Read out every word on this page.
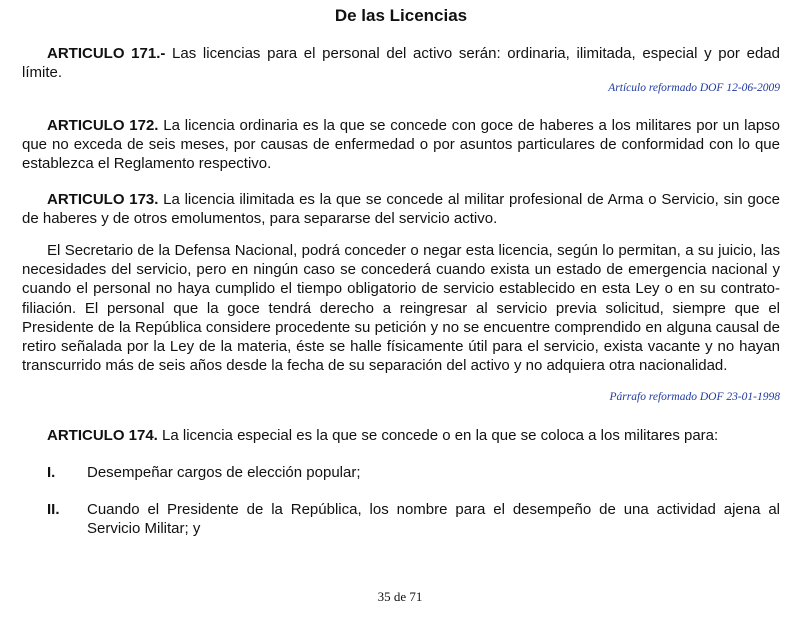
De las Licencias

ARTICULO 171.- Las licencias para el personal del activo serán: ordinaria, ilimitada, especial y por edad límite.

Artículo reformado DOF 12-06-2009

ARTICULO 172. La licencia ordinaria es la que se concede con goce de haberes a los militares por un lapso que no exceda de seis meses, por causas de enfermedad o por asuntos particulares de conformidad con lo que establezca el Reglamento respectivo.

ARTICULO 173. La licencia ilimitada es la que se concede al militar profesional de Arma o Servicio, sin goce de haberes y de otros emolumentos, para separarse del servicio activo.

El Secretario de la Defensa Nacional, podrá conceder o negar esta licencia, según lo permitan, a su juicio, las necesidades del servicio, pero en ningún caso se concederá cuando exista un estado de emergencia nacional y cuando el personal no haya cumplido el tiempo obligatorio de servicio establecido en esta Ley o en su contrato-filiación. El personal que la goce tendrá derecho a reingresar al servicio previa solicitud, siempre que el Presidente de la República considere procedente su petición y no se encuentre comprendido en alguna causal de retiro señalada por la Ley de la materia, éste se halle físicamente útil para el servicio, exista vacante y no hayan transcurrido más de seis años desde la fecha de su separación del activo y no adquiera otra nacionalidad.

Párrafo reformado DOF 23-01-1998

ARTICULO 174. La licencia especial es la que se concede o en la que se coloca a los militares para:

I. Desempeñar cargos de elección popular;
II. Cuando el Presidente de la República, los nombre para el desempeño de una actividad ajena al Servicio Militar; y
35 de 71
